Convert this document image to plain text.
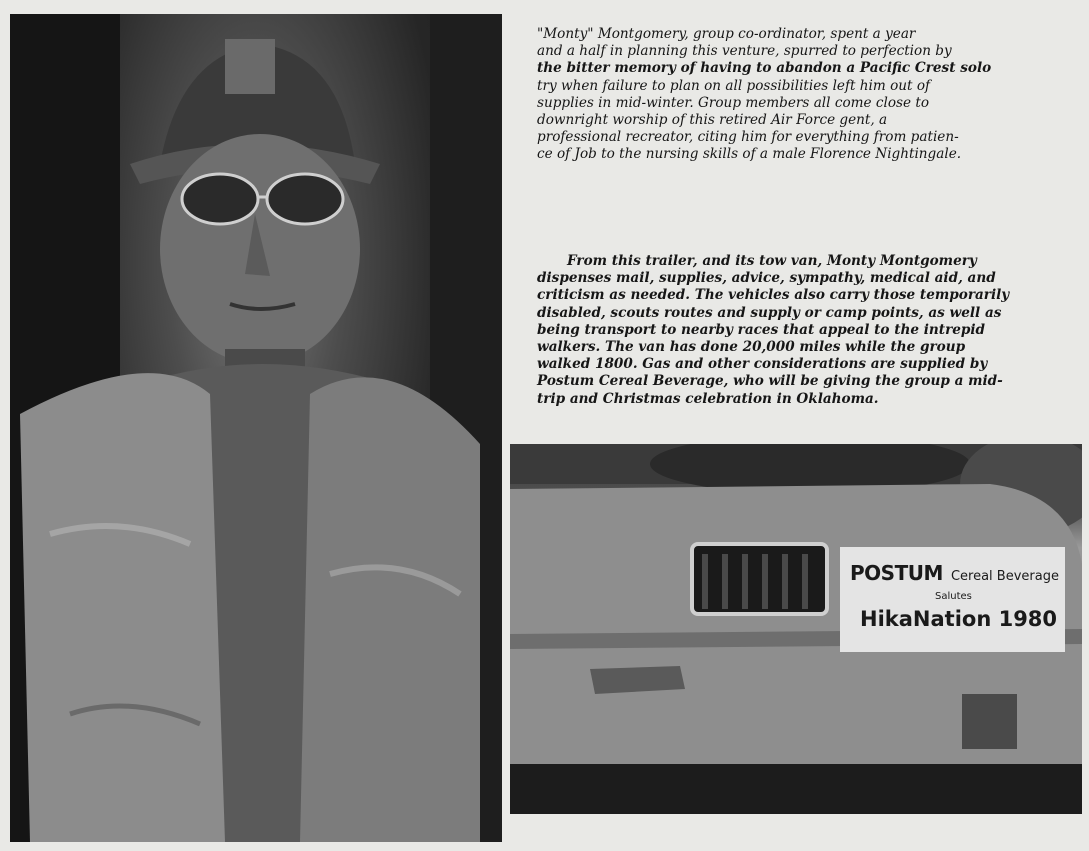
"Monty" Montgomery, group co-ordinator, spent a year
and a half in planning this venture, spurred to perfection by
the bitter memory of having to abandon a Pacific Crest solo
try when failure to plan on all possibilities left him out of
supplies in mid-winter. Group members all come close to
downright worship of this retired Air Force gent, a
professional recreator, citing him for everything from patien-
ce of Job to the nursing skills of a male Florence Nightingale.
From this trailer, and its tow van, Monty Montgomery
dispenses mail, supplies, advice, sympathy, medical aid, and
criticism as needed. The vehicles also carry those temporarily
disabled, scouts routes and supply or camp points, as well as
being transport to nearby races that appeal to the intrepid
walkers. The van has done 20,000 miles while the group
walked 1800. Gas and other considerations are supplied by
Postum Cereal Beverage, who will be giving the group a mid-
trip and Christmas celebration in Oklahoma.
POSTUM Cereal Beverage
Salutes
HikaNation 1980
